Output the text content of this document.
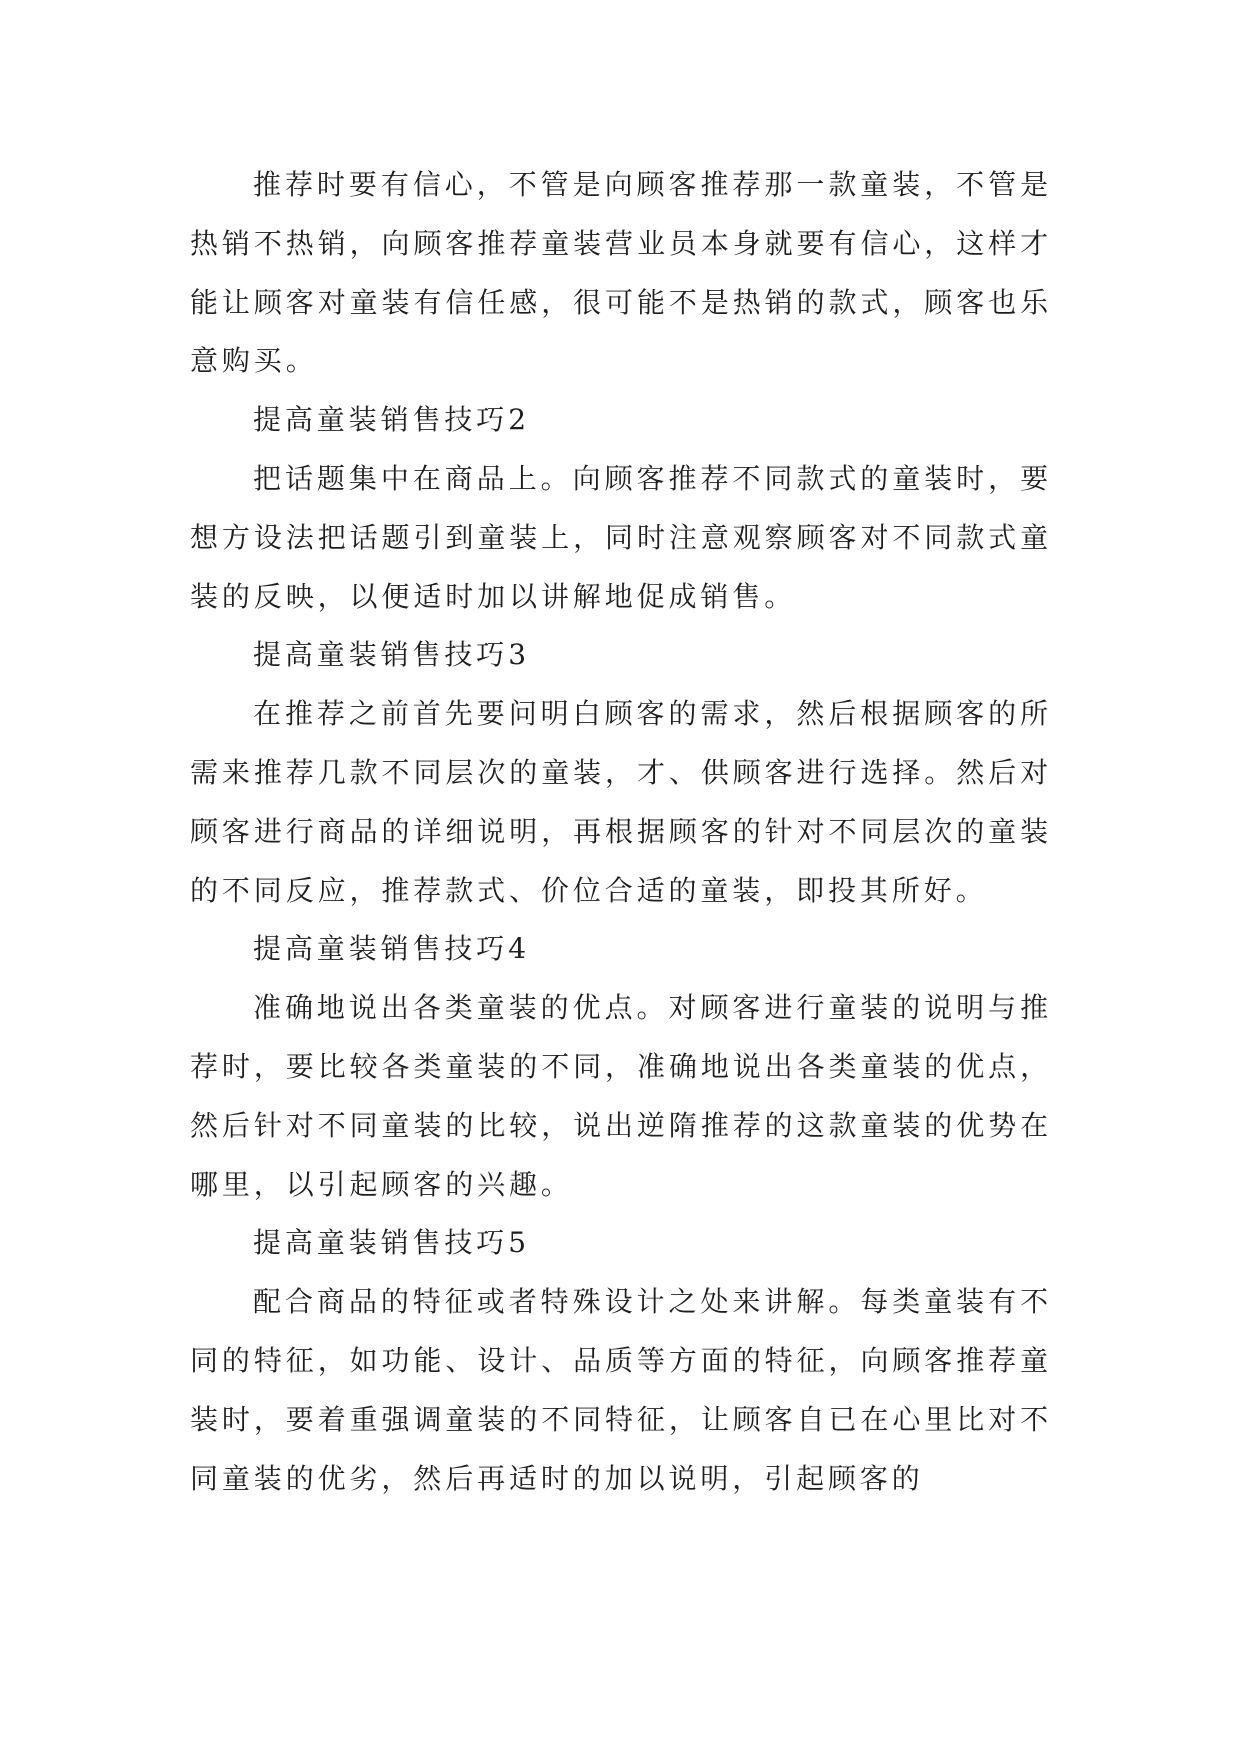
推荐时要有信心，不管是向顾客推荐那一款童装，不管是热销不热销，向顾客推荐童装营业员本身就要有信心，这样才能让顾客对童装有信任感，很可能不是热销的款式，顾客也乐意购买。

提高童装销售技巧2

把话题集中在商品上。向顾客推荐不同款式的童装时，要想方设法把话题引到童装上，同时注意观察顾客对不同款式童装的反映，以便适时加以讲解地促成销售。

提高童装销售技巧3

在推荐之前首先要问明白顾客的需求，然后根据顾客的所需来推荐几款不同层次的童装，才、供顾客进行选择。然后对顾客进行商品的详细说明，再根据顾客的针对不同层次的童装的不同反应，推荐款式、价位合适的童装，即投其所好。

提高童装销售技巧4

准确地说出各类童装的优点。对顾客进行童装的说明与推荐时，要比较各类童装的不同，准确地说出各类童装的优点，然后针对不同童装的比较，说出逆隋推荐的这款童装的优势在哪里，以引起顾客的兴趣。

提高童装销售技巧5

配合商品的特征或者特殊设计之处来讲解。每类童装有不同的特征，如功能、设计、品质等方面的特征，向顾客推荐童装时，要着重强调童装的不同特征，让顾客自已在心里比对不同童装的优劣，然后再适时的加以说明，引起顾客的
